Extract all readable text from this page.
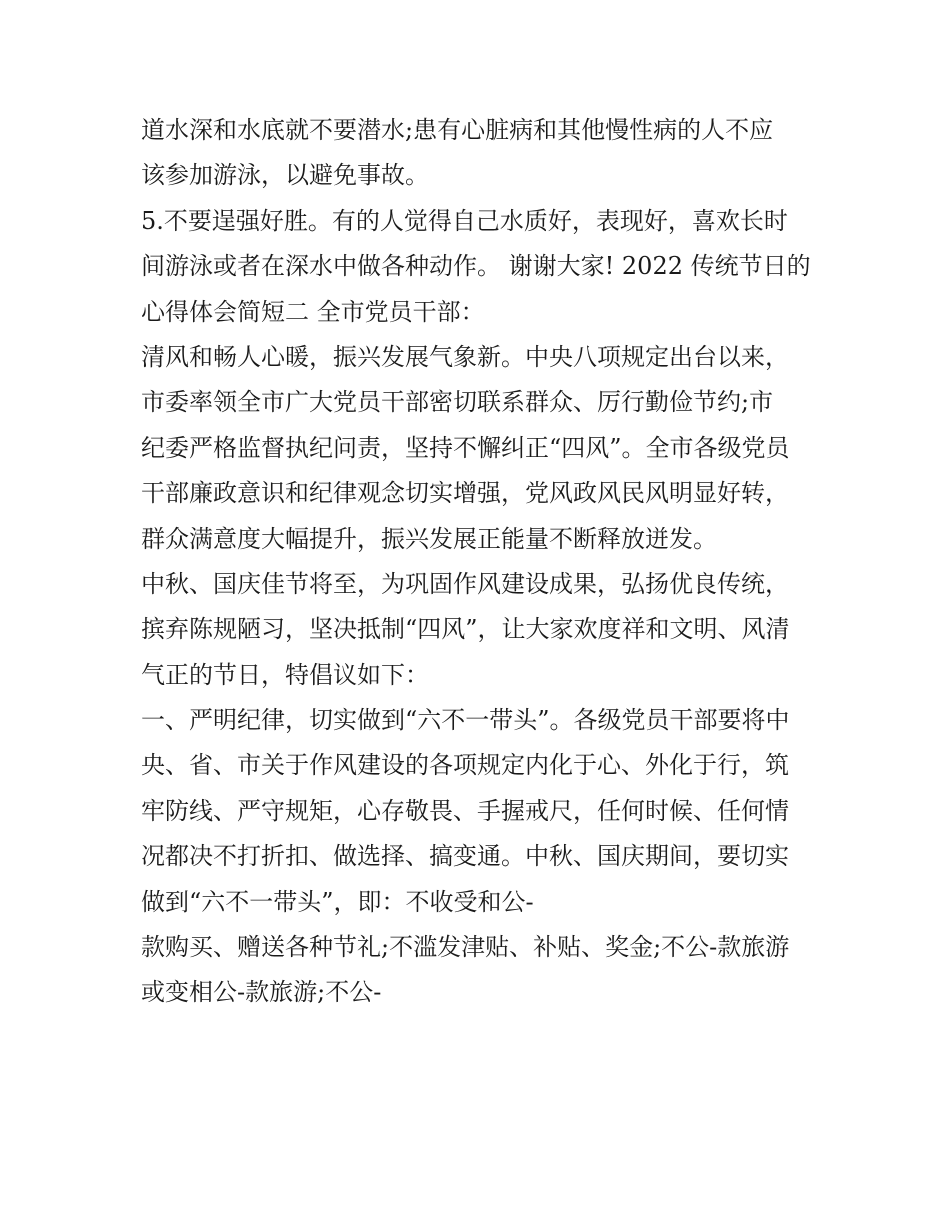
道水深和水底就不要潜水;患有心脏病和其他慢性病的人不应
该参加游泳，以避免事故。
5.不要逞强好胜。有的人觉得自己水质好，表现好，喜欢长时
间游泳或者在深水中做各种动作。 谢谢大家! 2022 传统节日的
心得体会简短二 全市党员干部：
清风和畅人心暖，振兴发展气象新。中央八项规定出台以来，
市委率领全市广大党员干部密切联系群众、厉行勤俭节约;市
纪委严格监督执纪问责，坚持不懈纠正“四风”。全市各级党员
干部廉政意识和纪律观念切实增强，党风政风民风明显好转，
群众满意度大幅提升，振兴发展正能量不断释放迸发。
中秋、国庆佳节将至，为巩固作风建设成果，弘扬优良传统，
摈弃陈规陋习，坚决抵制“四风”，让大家欢度祥和文明、风清
气正的节日，特倡议如下：
一、严明纪律，切实做到“六不一带头”。各级党员干部要将中
央、省、市关于作风建设的各项规定内化于心、外化于行，筑
牢防线、严守规矩，心存敬畏、手握戒尺，任何时候、任何情
况都决不打折扣、做选择、搞变通。中秋、国庆期间，要切实
做到“六不一带头”，即：不收受和公-
款购买、赠送各种节礼;不滥发津贴、补贴、奖金;不公-款旅游
或变相公-款旅游;不公-
